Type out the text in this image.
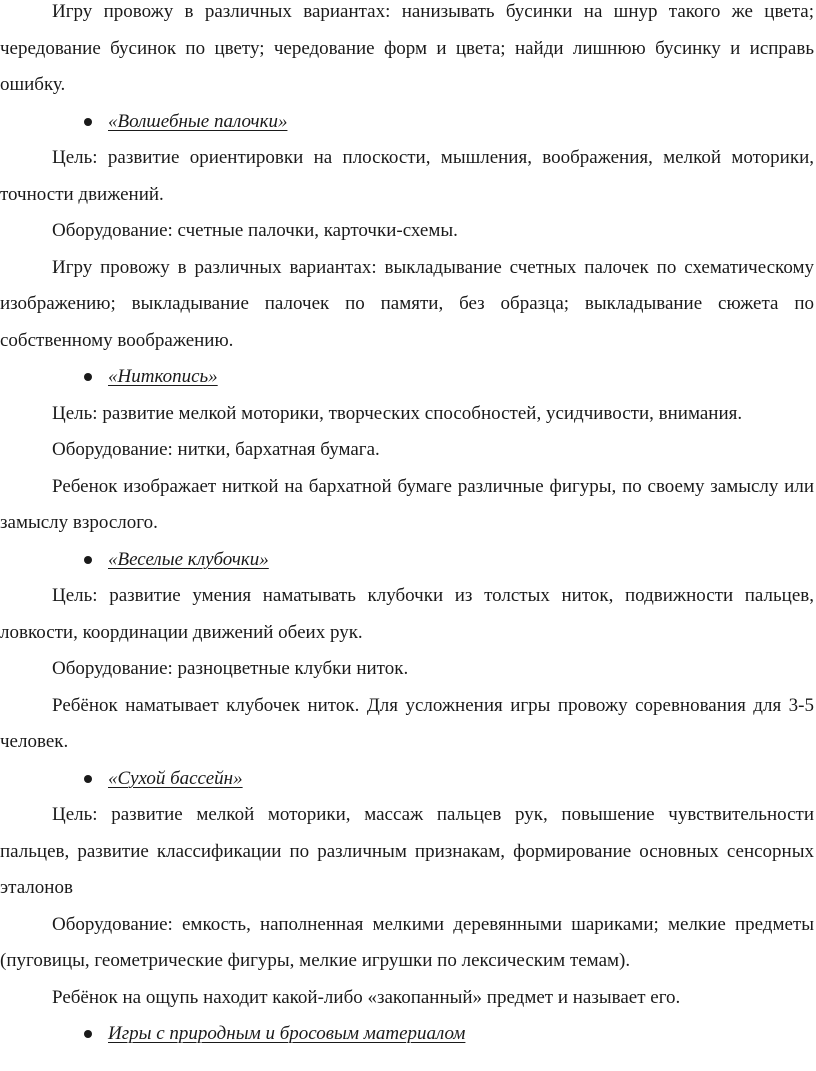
Игру провожу в различных вариантах: нанизывать бусинки на шнур такого же цвета; чередование бусинок по цвету; чередование форм и цвета; найди лишнюю бусинку и исправь ошибку.

«Волшебные палочки»

Цель: развитие ориентировки на плоскости, мышления, воображения, мелкой моторики, точности движений.

Оборудование: счетные палочки, карточки-схемы.

Игру провожу в различных вариантах: выкладывание счетных палочек по схематическому изображению; выкладывание палочек по памяти, без образца; выкладывание сюжета по собственному воображению.

«Ниткопись»

Цель: развитие мелкой моторики, творческих способностей, усидчивости, внимания.

Оборудование: нитки, бархатная бумага.

Ребенок изображает ниткой на бархатной бумаге различные фигуры, по своему замыслу или замыслу взрослого.

«Веселые клубочки»

Цель: развитие умения наматывать клубочки из толстых ниток, подвижности пальцев, ловкости, координации движений обеих рук.

Оборудование: разноцветные клубки ниток.

Ребёнок наматывает клубочек ниток. Для усложнения игры провожу соревнования для 3-5 человек.

«Сухой бассейн»

Цель: развитие мелкой моторики, массаж пальцев рук, повышение чувствительности пальцев, развитие классификации по различным признакам, формирование основных сенсорных эталонов

Оборудование: емкость, наполненная мелкими деревянными шариками; мелкие предметы (пуговицы, геометрические фигуры, мелкие игрушки по лексическим темам).

Ребёнок на ощупь находит какой-либо «закопанный» предмет и называет его.

Игры с природным и бросовым материалом
